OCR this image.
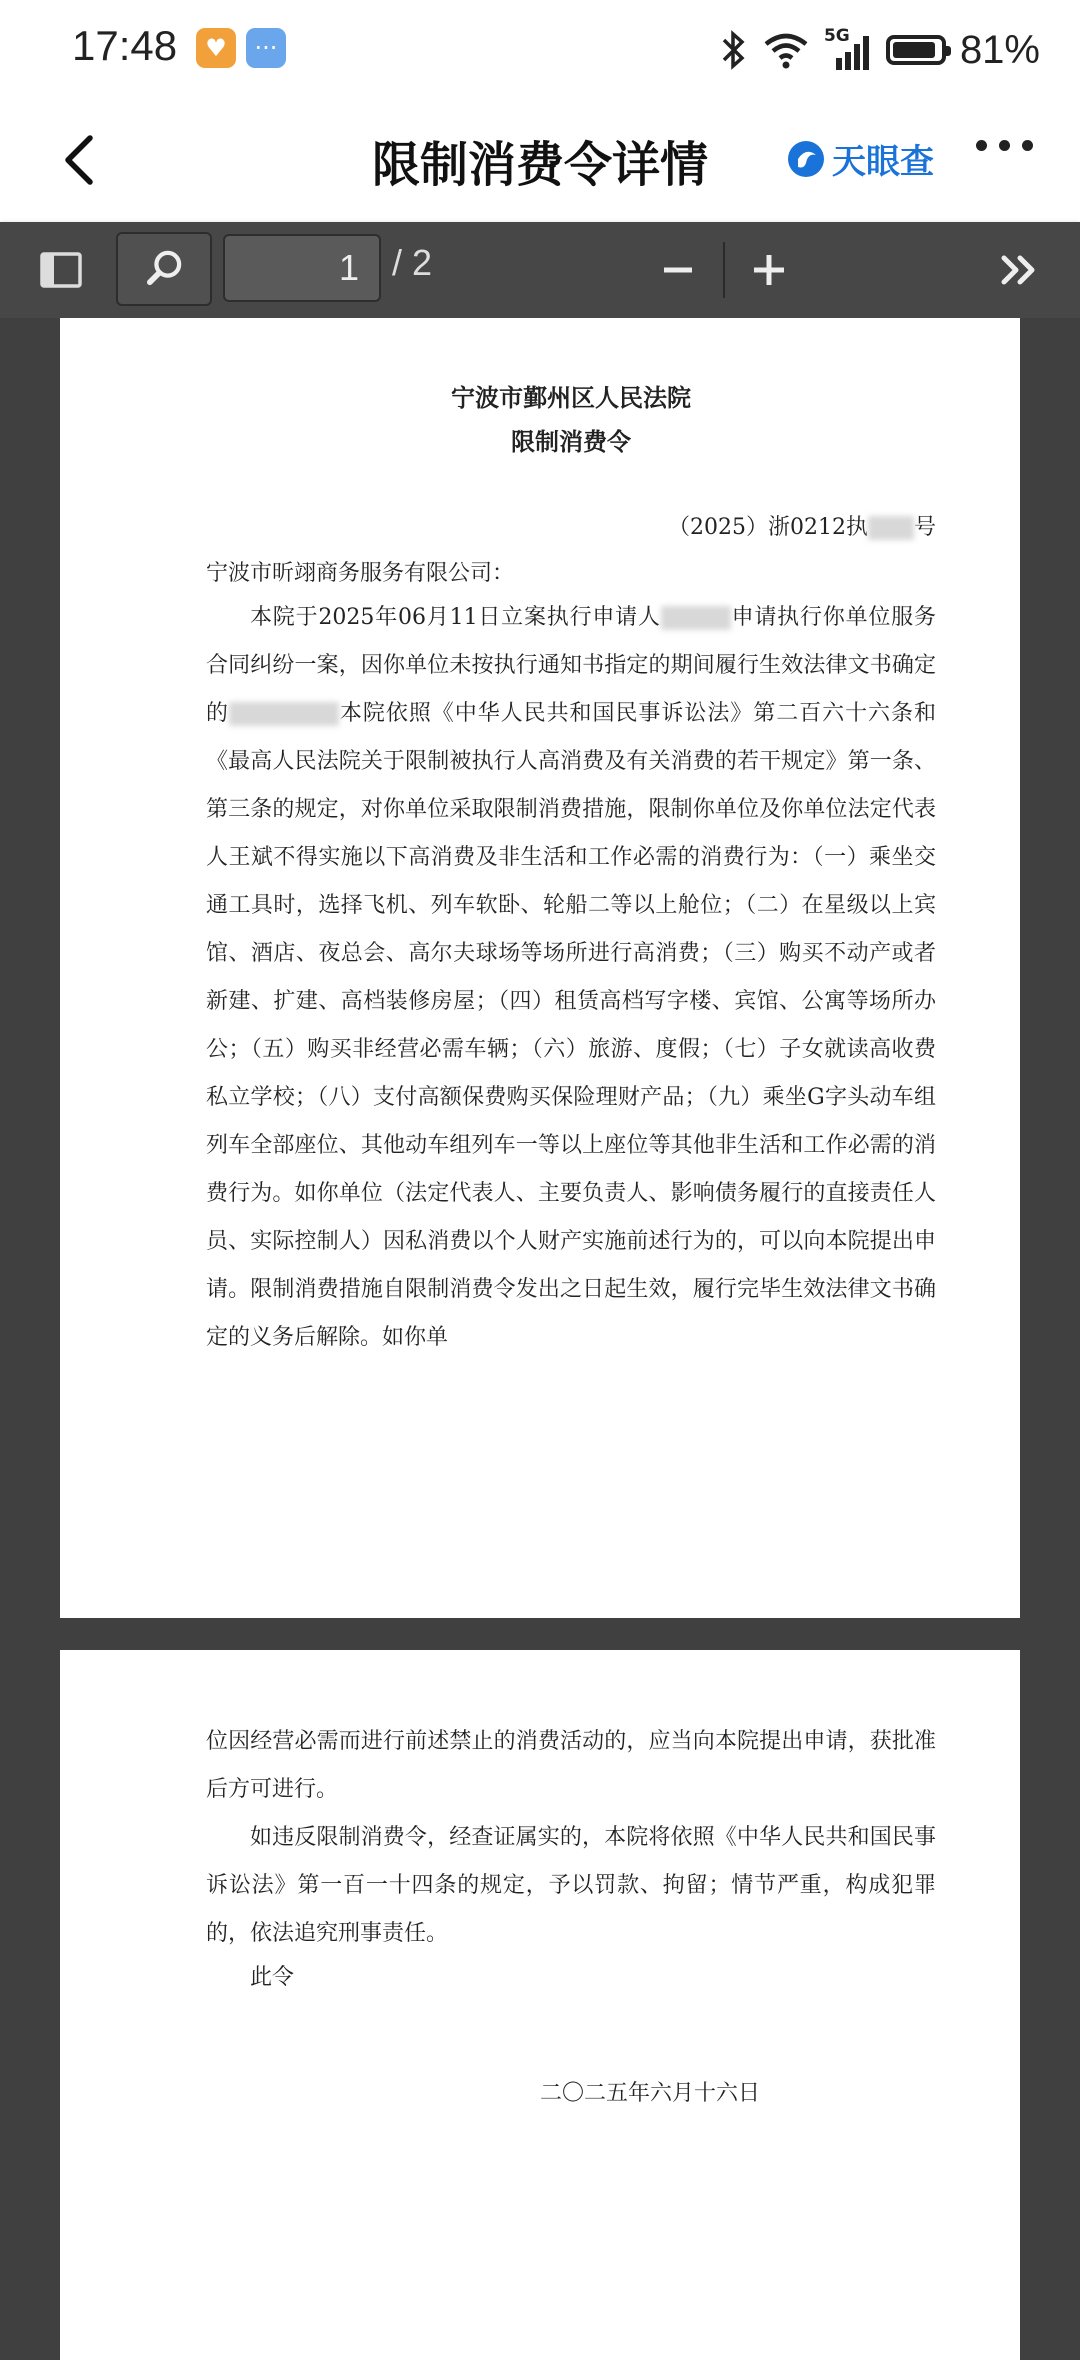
17:48	♥	···	5G	81%
限制消费令详情	天眼查
1 / 2
宁波市鄞州区人民法院
限制消费令
（2025）浙0212执 号
宁波市昕翊商务服务有限公司：
本院于2025年06月11日立案执行申请人	申请执行你单位服务合同纠纷一案，因你单位未按执行通知书指定的期间履行生效法律文书确定的	本院依照《中华人民共和国民事诉讼法》第二百六十六条和《最高人民法院关于限制被执行人高消费及有关消费的若干规定》第一条、第三条的规定，对你单位采取限制消费措施，限制你单位及你单位法定代表人王斌不得实施以下高消费及非生活和工作必需的消费行为：（一）乘坐交通工具时，选择飞机、列车软卧、轮船二等以上舱位；（二）在星级以上宾馆、酒店、夜总会、高尔夫球场等场所进行高消费；（三）购买不动产或者新建、扩建、高档装修房屋；（四）租赁高档写字楼、宾馆、公寓等场所办公；（五）购买非经营必需车辆；（六）旅游、度假；（七）子女就读高收费私立学校；（八）支付高额保费购买保险理财产品；（九）乘坐G字头动车组列车全部座位、其他动车组列车一等以上座位等其他非生活和工作必需的消费行为。如你单位（法定代表人、主要负责人、影响债务履行的直接责任人员、实际控制人）因私消费以个人财产实施前述行为的，可以向本院提出申请。限制消费措施自限制消费令发出之日起生效，履行完毕生效法律文书确定的义务后解除。如你单
位因经营必需而进行前述禁止的消费活动的，应当向本院提出申请，获批准后方可进行。
如违反限制消费令，经查证属实的，本院将依照《中华人民共和国民事诉讼法》第一百一十四条的规定，予以罚款、拘留；情节严重，构成犯罪的，依法追究刑事责任。
此令
二〇二五年六月十六日
